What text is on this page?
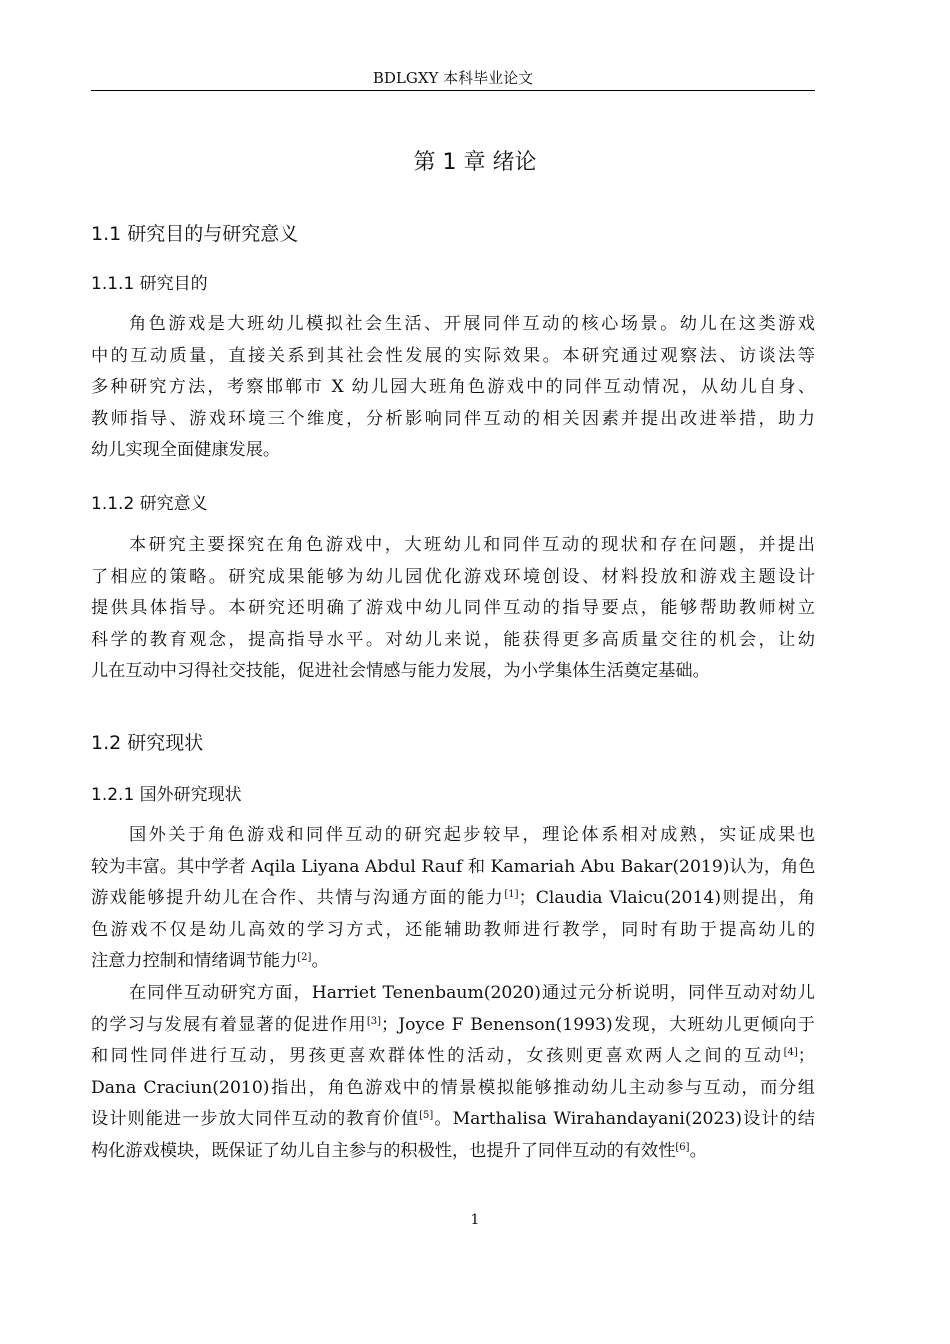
BDLGXY 本科毕业论文
第 1 章 绪论
1.1 研究目的与研究意义
1.1.1 研究目的
角色游戏是大班幼儿模拟社会生活、开展同伴互动的核心场景。幼儿在这类游戏
中的互动质量，直接关系到其社会性发展的实际效果。本研究通过观察法、访谈法等
多种研究方法，考察邯郸市 X 幼儿园大班角色游戏中的同伴互动情况，从幼儿自身、
教师指导、游戏环境三个维度，分析影响同伴互动的相关因素并提出改进举措，助力
幼儿实现全面健康发展。
1.1.2 研究意义
本研究主要探究在角色游戏中，大班幼儿和同伴互动的现状和存在问题，并提出
了相应的策略。研究成果能够为幼儿园优化游戏环境创设、材料投放和游戏主题设计
提供具体指导。本研究还明确了游戏中幼儿同伴互动的指导要点，能够帮助教师树立
科学的教育观念，提高指导水平。对幼儿来说，能获得更多高质量交往的机会，让幼
儿在互动中习得社交技能，促进社会情感与能力发展，为小学集体生活奠定基础。
1.2 研究现状
1.2.1 国外研究现状
国外关于角色游戏和同伴互动的研究起步较早，理论体系相对成熟，实证成果也
较为丰富。其中学者 Aqila Liyana Abdul Rauf 和 Kamariah Abu Bakar(2019)认为，角色
游戏能够提升幼儿在合作、共情与沟通方面的能力[1]；Claudia Vlaicu(2014)则提出，角
色游戏不仅是幼儿高效的学习方式，还能辅助教师进行教学，同时有助于提高幼儿的
注意力控制和情绪调节能力[2]。
在同伴互动研究方面，Harriet Tenenbaum(2020)通过元分析说明，同伴互动对幼儿
的学习与发展有着显著的促进作用[3]；Joyce F Benenson(1993)发现，大班幼儿更倾向于
和同性同伴进行互动，男孩更喜欢群体性的活动，女孩则更喜欢两人之间的互动[4]；
Dana Craciun(2010)指出，角色游戏中的情景模拟能够推动幼儿主动参与互动，而分组
设计则能进一步放大同伴互动的教育价值[5]。Marthalisa Wirahandayani(2023)设计的结
构化游戏模块，既保证了幼儿自主参与的积极性，也提升了同伴互动的有效性[6]。
1
